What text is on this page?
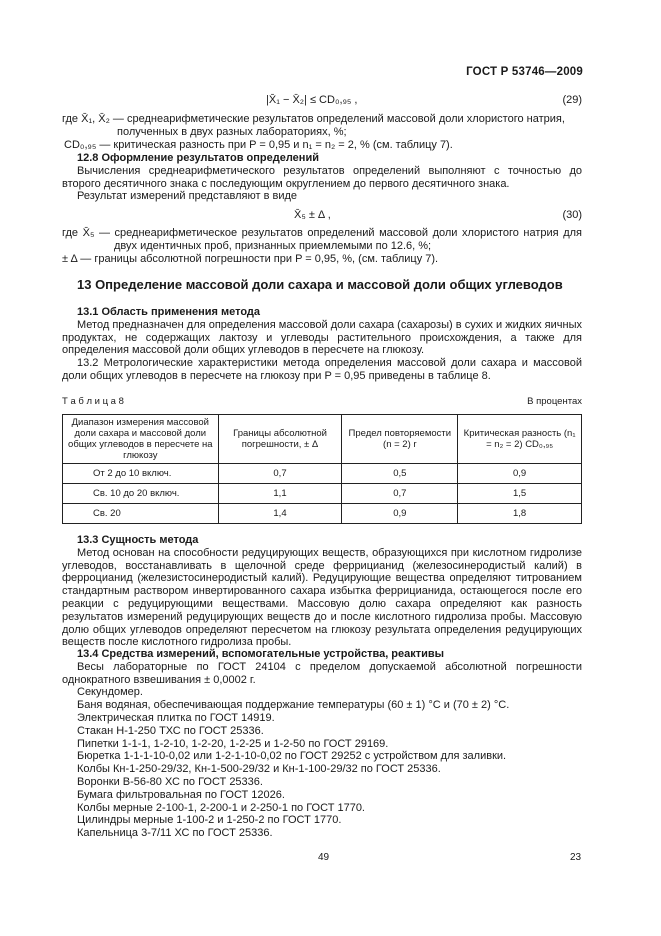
ГОСТ Р 53746—2009
|X̄₁ − X̄₂| ≤ CD₀,₉₅ ,	(29)

где X̄₁, X̄₂ — среднеарифметические результатов определений массовой доли хлористого натрия,

полученных в двух разных лабораториях, %;

CD₀,₉₅ — критическая разность при P = 0,95 и n₁ = n₂ = 2, % (см. таблицу 7).

12.8 Оформление результатов определений

Вычисления среднеарифметического результатов определений выполняют с точностью до второго десятичного знака с последующим округлением до первого десятичного знака.

Результат измерений представляют в виде

X̄₅ ± Δ ,	(30)

где X̄₅ — среднеарифметическое результатов определений массовой доли хлористого натрия для двух идентичных проб, признанных приемлемыми по 12.6, %;

± Δ — границы абсолютной погрешности при P = 0,95, %, (см. таблицу 7).

13 Определение массовой доли сахара и массовой доли общих углеводов

13.1 Область применения метода

Метод предназначен для определения массовой доли сахара (сахарозы) в сухих и жидких яичных продуктах, не содержащих лактозу и углеводы растительного происхождения, а также для определения массовой доли общих углеводов в пересчете на глюкозу.

13.2 Метрологические характеристики метода определения массовой доли сахара и массовой доли общих углеводов в пересчете на глюкозу при P = 0,95 приведены в таблице 8.

Т а б л и ц а 8	В процентах
Диапазон измерения массовой доли сахара и массовой доли общих углеводов в пересчете на глюкозу	Границы абсолютной погрешности, ± Δ	Предел повторяемости (n = 2) r	Критическая разность (n₁ = n₂ = 2) CD₀,₉₅
От 2 до 10 включ.	0,7	0,5	0,9
Св. 10 до 20 включ.	1,1	0,7	1,5
Св. 20	1,4	0,9	1,8

13.3 Сущность метода

Метод основан на способности редуцирующих веществ, образующихся при кислотном гидролизе углеводов, восстанавливать в щелочной среде феррицианид (железосинеродистый калий) в ферроцианид (железистосинеродистый калий). Редуцирующие вещества определяют титрованием стандартным раствором инвертированного сахара избытка феррицианида, остающегося после его реакции с редуцирующими веществами. Массовую долю сахара определяют как разность результатов измерений редуцирующих веществ до и после кислотного гидролиза пробы. Массовую долю общих углеводов определяют пересчетом на глюкозу результата определения редуцирующих веществ после кислотного гидролиза пробы.

13.4 Средства измерений, вспомогательные устройства, реактивы

Весы лабораторные по ГОСТ 24104 с пределом допускаемой абсолютной погрешности однократного взвешивания ± 0,0002 г.

Секундомер.

Баня водяная, обеспечивающая поддержание температуры (60 ± 1) °С и (70 ± 2) °С.

Электрическая плитка по ГОСТ 14919.

Стакан Н-1-250 ТХС по ГОСТ 25336.

Пипетки 1-1-1, 1-2-10, 1-2-20, 1-2-25 и 1-2-50 по ГОСТ 29169.

Бюретка 1-1-1-10-0,02 или 1-2-1-10-0,02 по ГОСТ 29252 с устройством для заливки.

Колбы Кн-1-250-29/32, Кн-1-500-29/32 и Кн-1-100-29/32 по ГОСТ 25336.

Воронки В-56-80 ХС по ГОСТ 25336.

Бумага фильтровальная по ГОСТ 12026.

Колбы мерные 2-100-1, 2-200-1 и 2-250-1 по ГОСТ 1770.

Цилиндры мерные 1-100-2 и 1-250-2 по ГОСТ 1770.

Капельница 3-7/11 ХС по ГОСТ 25336.

49	23
